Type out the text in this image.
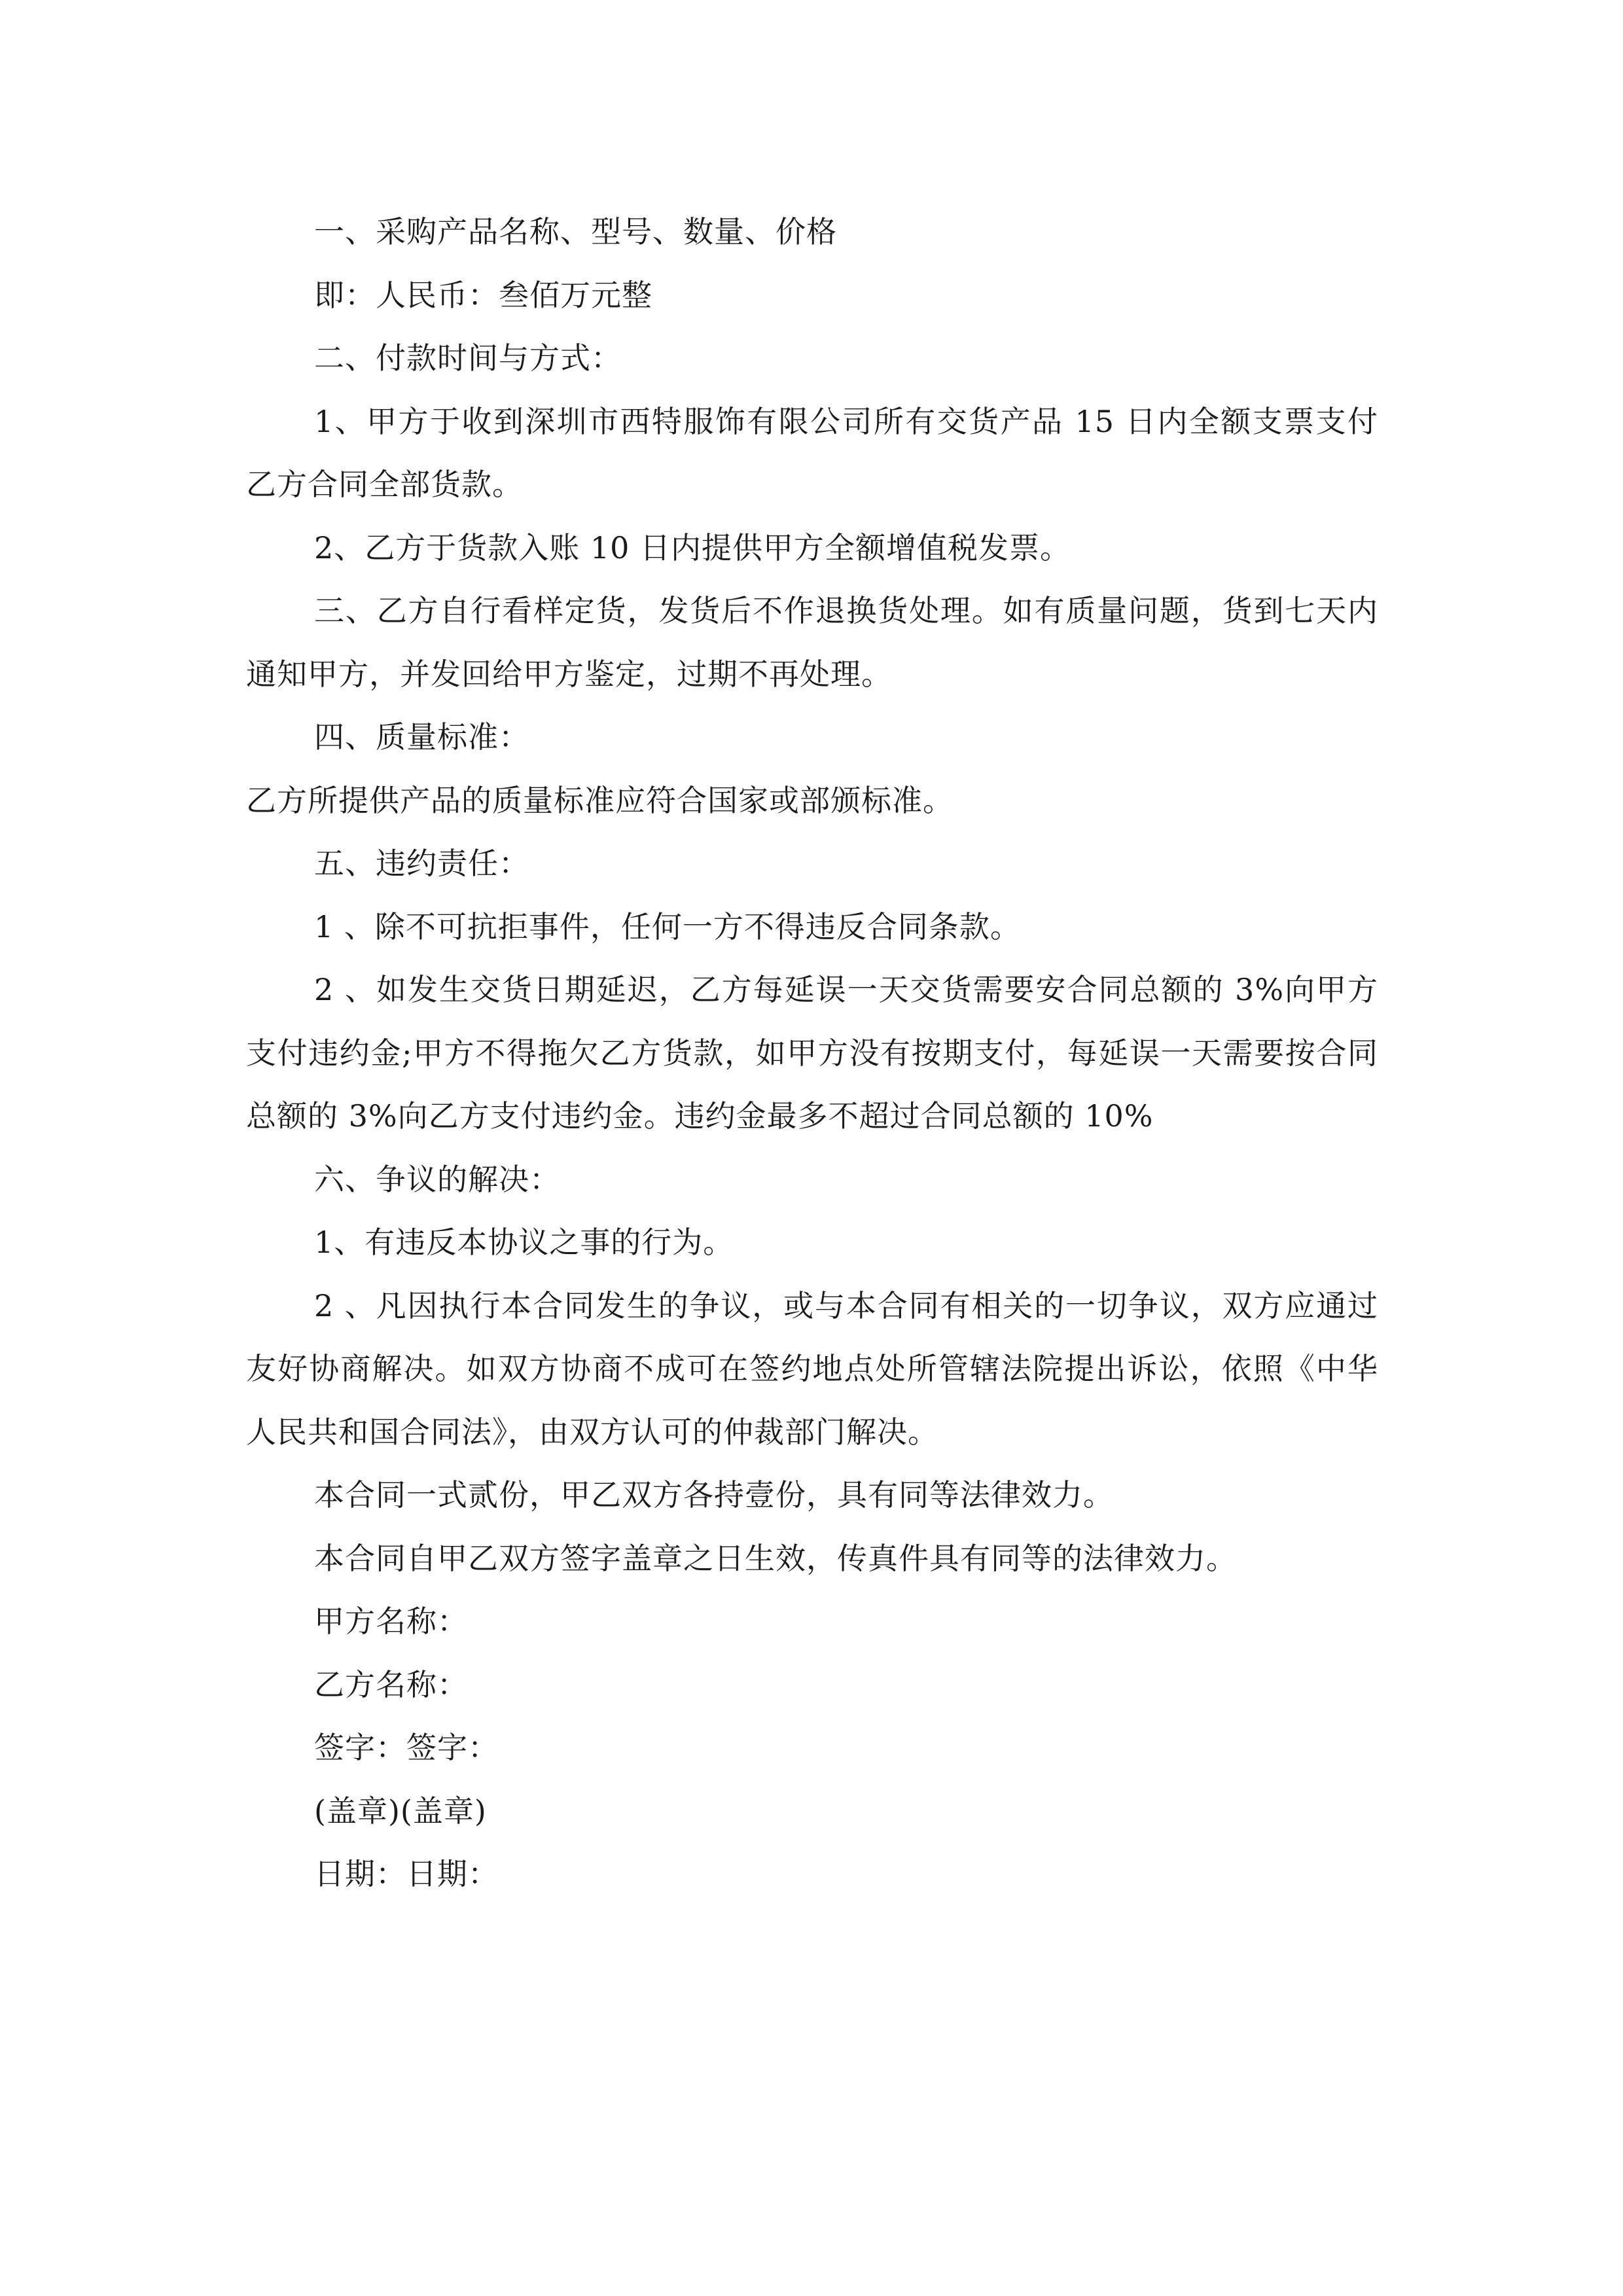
一、采购产品名称、型号、数量、价格

即：人民币：叁佰万元整

二、付款时间与方式：

1、甲方于收到深圳市西特服饰有限公司所有交货产品 15 日内全额支票支付乙方合同全部货款。

2、乙方于货款入账 10 日内提供甲方全额增值税发票。

三、乙方自行看样定货，发货后不作退换货处理。如有质量问题，货到七天内通知甲方，并发回给甲方鉴定，过期不再处理。

四、质量标准：

乙方所提供产品的质量标准应符合国家或部颁标准。

五、违约责任：

1 、除不可抗拒事件，任何一方不得违反合同条款。

2 、如发生交货日期延迟，乙方每延误一天交货需要安合同总额的 3%向甲方支付违约金;甲方不得拖欠乙方货款，如甲方没有按期支付，每延误一天需要按合同总额的 3%向乙方支付违约金。违约金最多不超过合同总额的 10%

六、争议的解决：

1、有违反本协议之事的行为。

2 、凡因执行本合同发生的争议，或与本合同有相关的一切争议，双方应通过友好协商解决。如双方协商不成可在签约地点处所管辖法院提出诉讼，依照《中华人民共和国合同法》，由双方认可的仲裁部门解决。

本合同一式贰份，甲乙双方各持壹份，具有同等法律效力。

本合同自甲乙双方签字盖章之日生效，传真件具有同等的法律效力。

甲方名称：

乙方名称：

签字：签字：

(盖章)(盖章)

日期：日期：
